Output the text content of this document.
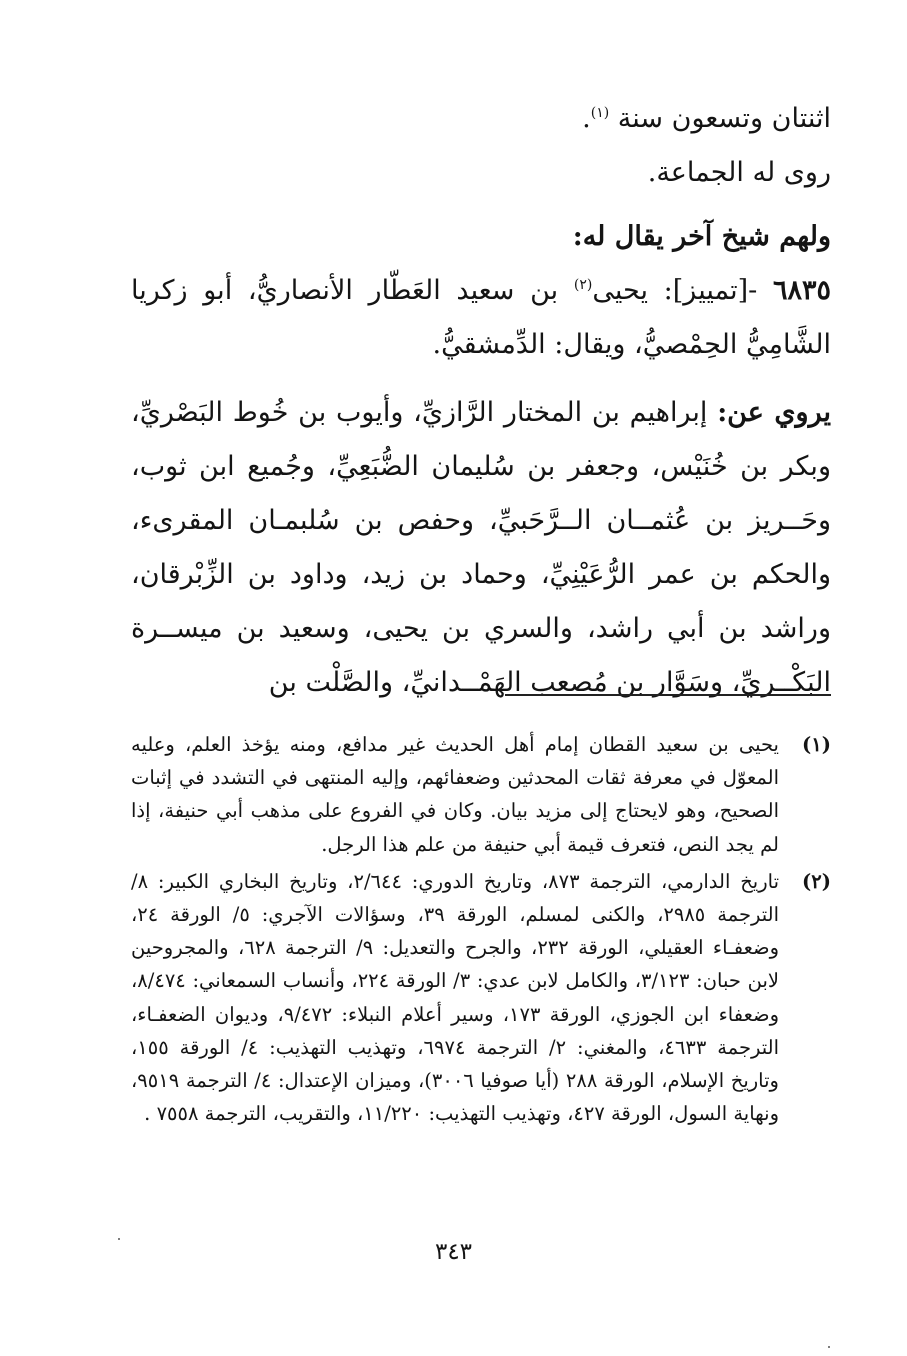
اثنتان وتسعون سنة $^{(١)}$.

روى له الجماعة.

ولهم شيخ آخر يقال له:

٦٨٣٥ -[تمييز]: يحيى$^{(٢)}$ بن سعيد العَطّار الأنصاريُّ، أبو زكريا الشَّامِيُّ الحِمْصيُّ، ويقال: الدِّمشقيُّ.

يروي عن: إبراهيم بن المختار الرَّازيِّ، وأيوب بن خُوط البَصْريِّ، وبكر بن خُنَيْس، وجعفر بن سُليمان الضُّبَعِيِّ، وجُميع ابن ثوب، وحَــريز بن عُثمــان الــرَّحَبيِّ، وحفص بن سُلبمـان المقرىء، والحكم بن عمر الرُّعَيْنِيِّ، وحماد بن زيد، وداود بن الزِّبْرقان، وراشد بن أبي راشد، والسري بن يحيى، وسعيد بن ميســرة البَكْــريِّ، وسَوَّار بن مُصعب الهَمْــدانيِّ، والصَّلْت بن

(١)
يحيى بن سعيد القطان إمام أهل الحديث غير مدافع، ومنه يؤخذ العلم، وعليه المعوّل في معرفة ثقات المحدثين وضعفائهم، وإليه المنتهى في التشدد في إثبات الصحيح، وهو لايحتاج إلى مزيد بيان. وكان في الفروع على مذهب أبي حنيفة، إذا لم يجد النص، فتعرف قيمة أبي حنيفة من علم هذا الرجل.
(٢)
تاريخ الدارمي، الترجمة ٨٧٣، وتاريخ الدوري: ٢/٦٤٤، وتاريخ البخاري الكبير: ٨/ الترجمة ٢٩٨٥، والكنى لمسلم، الورقة ٣٩، وسؤالات الآجري: ٥/ الورقة ٢٤، وضعفـاء العقيلي، الورقة ٢٣٢، والجرح والتعديل: ٩/ الترجمة ٦٢٨، والمجروحين لابن حبان: ٣/١٢٣، والكامل لابن عدي: ٣/ الورقة ٢٢٤، وأنساب السمعاني: ٨/٤٧٤، وضعفاء ابن الجوزي، الورقة ١٧٣، وسير أعلام النبلاء: ٩/٤٧٢، وديوان الضعفـاء، الترجمة ٤٦٣٣، والمغني: ٢/ الترجمة ٦٩٧٤، وتهذيب التهذيب: ٤/ الورقة ١٥٥، وتاريخ الإسلام، الورقة ٢٨٨ (أيا صوفيا ٣٠٠٦)، وميزان الإعتدال: ٤/ الترجمة ٩٥١٩، ونهاية السول، الورقة ٤٢٧، وتهذيب التهذيب: ١١/٢٢٠، والتقريب، الترجمة ٧٥٥٨ .
٣٤٣
